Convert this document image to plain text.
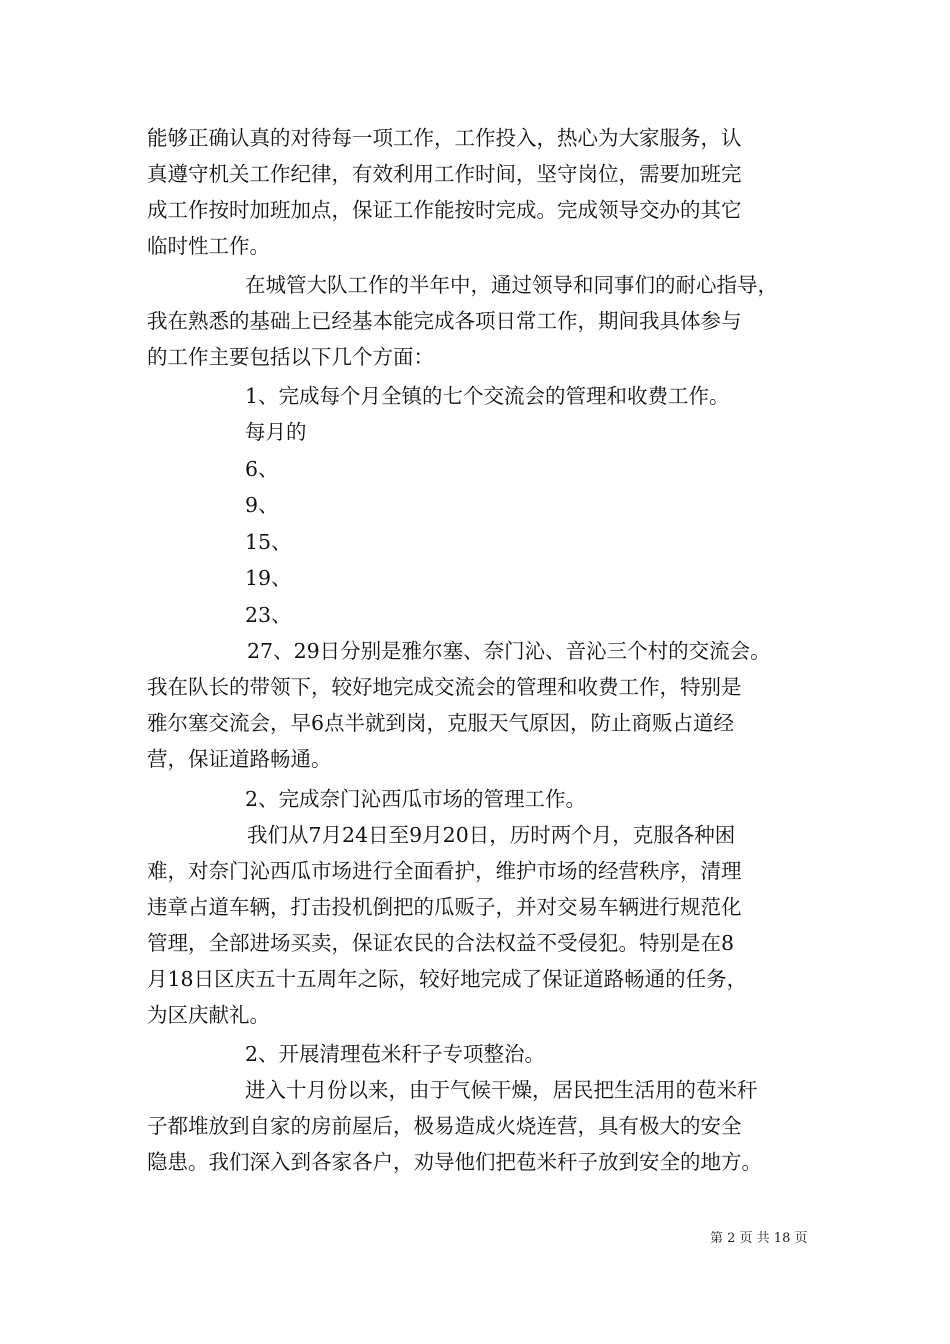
能够正确认真的对待每一项工作，工作投入，热心为大家服务，认
真遵守机关工作纪律，有效利用工作时间，坚守岗位，需要加班完
成工作按时加班加点，保证工作能按时完成。完成领导交办的其它
临时性工作。
在城管大队工作的半年中，通过领导和同事们的耐心指导，
我在熟悉的基础上已经基本能完成各项日常工作，期间我具体参与
的工作主要包括以下几个方面：
1、完成每个月全镇的七个交流会的管理和收费工作。
每月的
6、
9、
15、
19、
23、
27、29日分别是雅尔塞、奈门沁、音沁三个村的交流会。
我在队长的带领下，较好地完成交流会的管理和收费工作，特别是
雅尔塞交流会，早6点半就到岗，克服天气原因，防止商贩占道经
营，保证道路畅通。
2、完成奈门沁西瓜市场的管理工作。
我们从7月24日至9月20日，历时两个月，克服各种困
难，对奈门沁西瓜市场进行全面看护，维护市场的经营秩序，清理
违章占道车辆，打击投机倒把的瓜贩子，并对交易车辆进行规范化
管理，全部进场买卖，保证农民的合法权益不受侵犯。特别是在8
月18日区庆五十五周年之际，较好地完成了保证道路畅通的任务，
为区庆献礼。
2、开展清理苞米秆子专项整治。
进入十月份以来，由于气候干燥，居民把生活用的苞米秆
子都堆放到自家的房前屋后，极易造成火烧连营，具有极大的安全
隐患。我们深入到各家各户，劝导他们把苞米秆子放到安全的地方。
第 2 页 共 18 页
